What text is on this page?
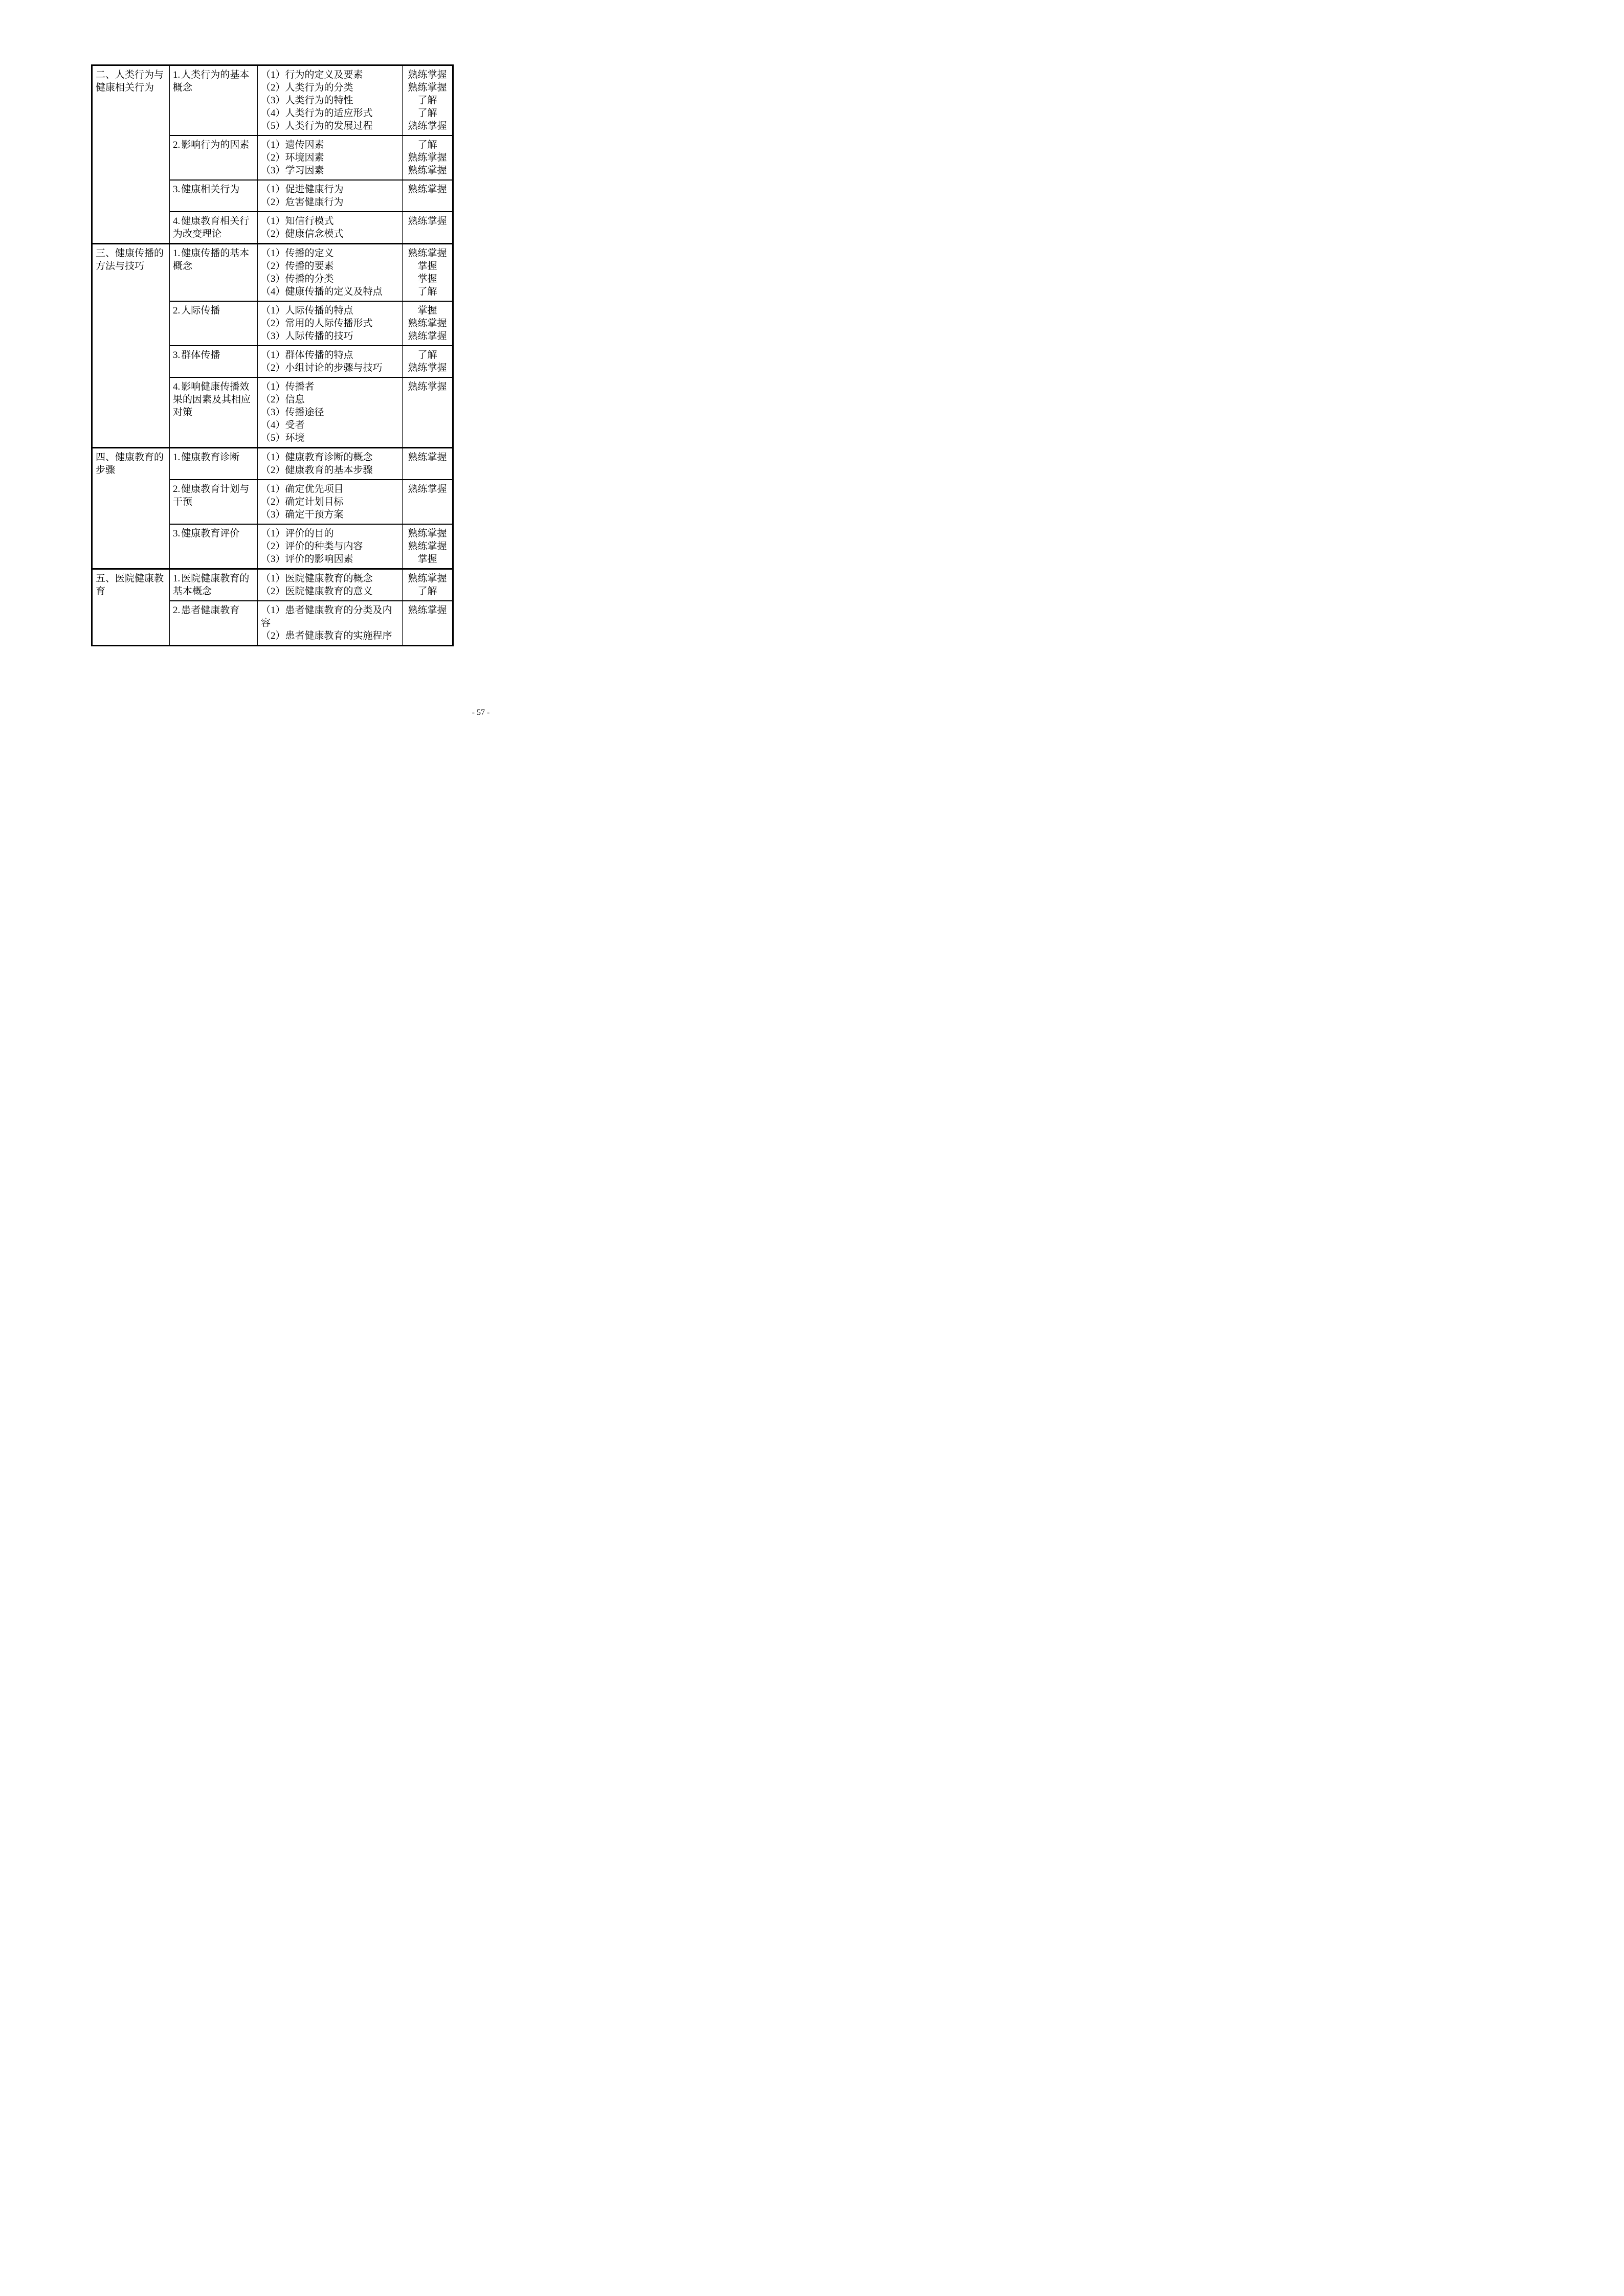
二、人类行为与健康相关行为	1. 人类行为的基本概念	（1）行为的定义及要素	熟练掌握
		（2）人类行为的分类	熟练掌握
		（3）人类行为的特性	了解
		（4）人类行为的适应形式	了解
		（5）人类行为的发展过程	熟练掌握
	2. 影响行为的因素	（1）遗传因素	了解
		（2）环境因素	熟练掌握
		（3）学习因素	熟练掌握
	3. 健康相关行为	（1）促进健康行为	熟练掌握
		（2）危害健康行为	
	4. 健康教育相关行为改变理论	（1）知信行模式	熟练掌握
		（2）健康信念模式	
三、健康传播的方法与技巧	1. 健康传播的基本概念	（1）传播的定义	熟练掌握
		（2）传播的要素	掌握
		（3）传播的分类	掌握
		（4）健康传播的定义及特点	了解
	2. 人际传播	（1）人际传播的特点	掌握
		（2）常用的人际传播形式	熟练掌握
		（3）人际传播的技巧	熟练掌握
	3. 群体传播	（1）群体传播的特点	了解
		（2）小组讨论的步骤与技巧	熟练掌握
	4. 影响健康传播效果的因素及其相应对策	（1）传播者	熟练掌握
		（2）信息	
		（3）传播途径	
		（4）受者	
		（5）环境	
四、健康教育的步骤	1. 健康教育诊断	（1）健康教育诊断的概念	熟练掌握
		（2）健康教育的基本步骤	
	2. 健康教育计划与干预	（1）确定优先项目	熟练掌握
		（2）确定计划目标	
		（3）确定干预方案	
	3. 健康教育评价	（1）评价的目的	熟练掌握
		（2）评价的种类与内容	熟练掌握
		（3）评价的影响因素	掌握
五、医院健康教育	1. 医院健康教育的基本概念	（1）医院健康教育的概念	熟练掌握
		（2）医院健康教育的意义	了解
	2. 患者健康教育	（1）患者健康教育的分类及内容	熟练掌握
		（2）患者健康教育的实施程序	
- 57 -
